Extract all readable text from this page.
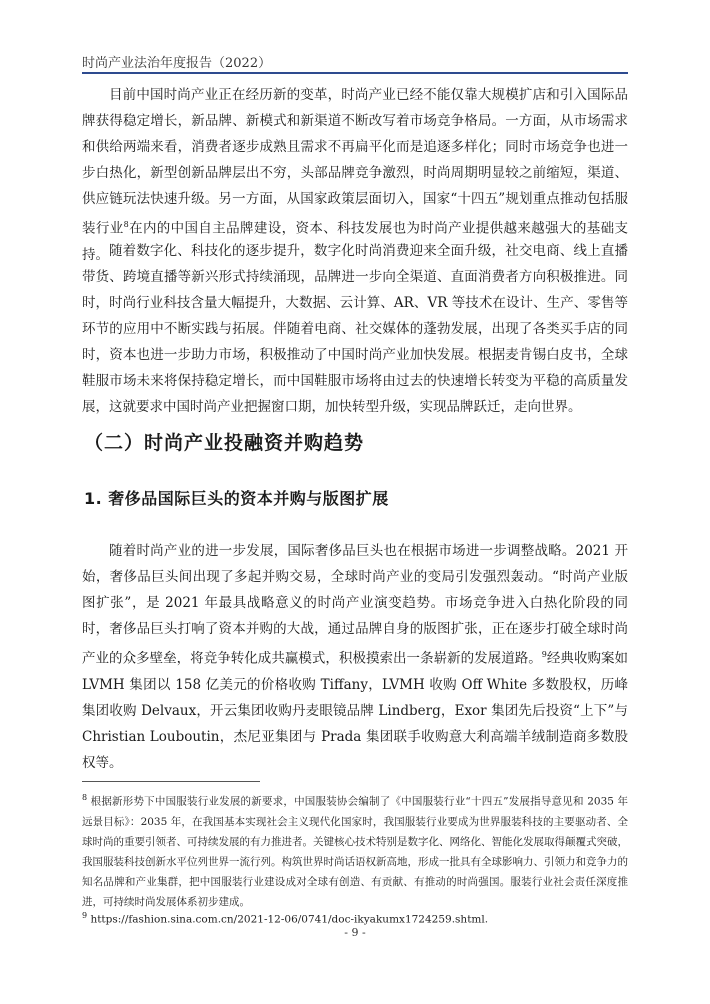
时尚产业法治年度报告（2022）

目前中国时尚产业正在经历新的变革，时尚产业已经不能仅靠大规模扩店和引入国际品牌获得稳定增长，新品牌、新模式和新渠道不断改写着市场竞争格局。一方面，从市场需求和供给两端来看，消费者逐步成熟且需求不再扁平化而是追逐多样化；同时市场竞争也进一步白热化，新型创新品牌层出不穷，头部品牌竞争激烈，时尚周期明显较之前缩短，渠道、供应链玩法快速升级。另一方面，从国家政策层面切入，国家“十四五”规划重点推动包括服装行业$^8$在内的中国自主品牌建设，资本、科技发展也为时尚产业提供越来越强大的基础支持。 随着数字化、科技化的逐步提升，数字化时尚消费迎来全面升级，社交电商、线上直播带货、跨境直播等新兴形式持续涌现，品牌进一步向全渠道、直面消费者方向积极推进。同时，时尚行业科技含量大幅提升，大数据、云计算、AR、VR 等技术在设计、生产、零售等环节的应用中不断实践与拓展。伴随着电商、社交媒体的蓬勃发展，出现了各类买手店的同时，资本也进一步助力市场，积极推动了中国时尚产业加快发展。根据麦肯锡白皮书，全球鞋服市场未来将保持稳定增长，而中国鞋服市场将由过去的快速增长转变为平稳的高质量发展，这就要求中国时尚产业把握窗口期，加快转型升级，实现品牌跃迁，走向世界。

（二）时尚产业投融资并购趋势
1. 奢侈品国际巨头的资本并购与版图扩展

随着时尚产业的进一步发展，国际奢侈品巨头也在根据市场进一步调整战略。2021 开始，奢侈品巨头间出现了多起并购交易，全球时尚产业的变局引发强烈轰动。“时尚产业版图扩张”，是 2021 年最具战略意义的时尚产业演变趋势。市场竞争进入白热化阶段的同时，奢侈品巨头打响了资本并购的大战，通过品牌自身的版图扩张，正在逐步打破全球时尚产业的众多壁垒，将竞争转化成共赢模式，积极摸索出一条崭新的发展道路。$^9$经典收购案如 LVMH 集团以 158 亿美元的价格收购 Tiffany，LVMH 收购 Off White 多数股权，历峰集团收购 Delvaux，开云集团收购丹麦眼镜品牌 Lindberg，Exor 集团先后投资“上下”与 Christian Louboutin，杰尼亚集团与 Prada 集团联手收购意大利高端羊绒制造商多数股权等。

$^8$ 根据新形势下中国服装行业发展的新要求，中国服装协会编制了《中国服装行业“十四五”发展指导意见和 2035 年远景目标》：2035 年，在我国基本实现社会主义现代化国家时，我国服装行业要成为世界服装科技的主要驱动者、全球时尚的重要引领者、可持续发展的有力推进者。关键核心技术特别是数字化、网络化、智能化发展取得颠覆式突破，我国服装科技创新水平位列世界一流行列。构筑世界时尚话语权新高地，形成一批具有全球影响力、引领力和竞争力的知名品牌和产业集群，把中国服装行业建设成对全球有创造、有贡献、有推动的时尚强国。服装行业社会责任深度推进，可持续时尚发展体系初步建成。

$^9$ https://fashion.sina.com.cn/2021-12-06/0741/doc-ikyakumx1724259.shtml.

- 9 -
